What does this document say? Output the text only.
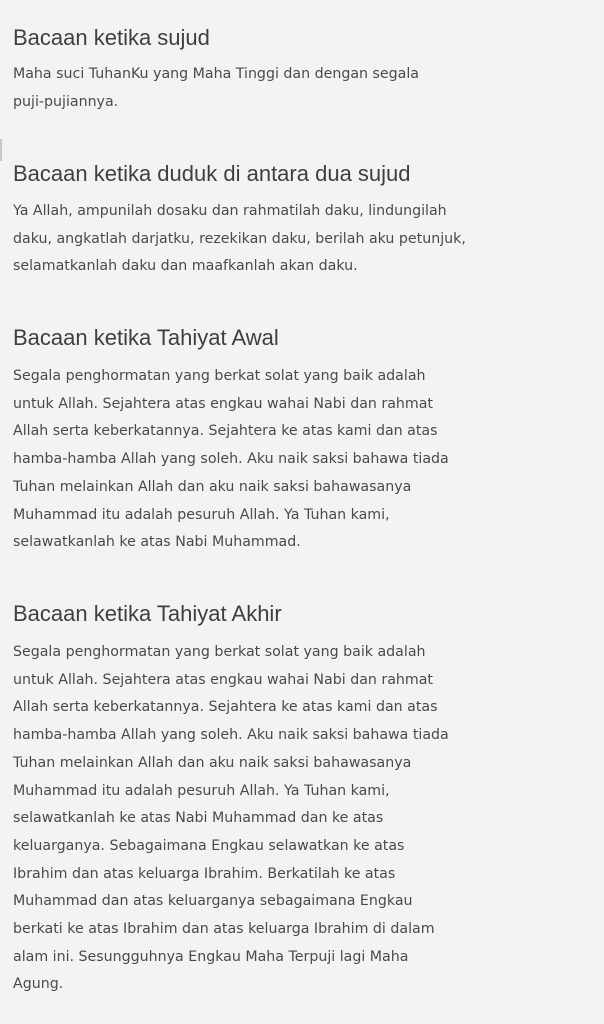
Bacaan ketika sujud

Maha suci TuhanKu yang Maha Tinggi dan dengan segala
puji-pujiannya.

Bacaan ketika duduk di antara dua sujud

Ya Allah, ampunilah dosaku dan rahmatilah daku, lindungilah
daku, angkatlah darjatku, rezekikan daku, berilah aku petunjuk,
selamatkanlah daku dan maafkanlah akan daku.

Bacaan ketika Tahiyat Awal

Segala penghormatan yang berkat solat yang baik adalah
untuk Allah. Sejahtera atas engkau wahai Nabi dan rahmat
Allah serta keberkatannya. Sejahtera ke atas kami dan atas
hamba-hamba Allah yang soleh. Aku naik saksi bahawa tiada
Tuhan melainkan Allah dan aku naik saksi bahawasanya
Muhammad itu adalah pesuruh Allah. Ya Tuhan kami,
selawatkanlah ke atas Nabi Muhammad.

Bacaan ketika Tahiyat Akhir

Segala penghormatan yang berkat solat yang baik adalah
untuk Allah. Sejahtera atas engkau wahai Nabi dan rahmat
Allah serta keberkatannya. Sejahtera ke atas kami dan atas
hamba-hamba Allah yang soleh. Aku naik saksi bahawa tiada
Tuhan melainkan Allah dan aku naik saksi bahawasanya
Muhammad itu adalah pesuruh Allah. Ya Tuhan kami,
selawatkanlah ke atas Nabi Muhammad dan ke atas
keluarganya. Sebagaimana Engkau selawatkan ke atas
Ibrahim dan atas keluarga Ibrahim. Berkatilah ke atas
Muhammad dan atas keluarganya sebagaimana Engkau
berkati ke atas Ibrahim dan atas keluarga Ibrahim di dalam
alam ini. Sesungguhnya Engkau Maha Terpuji lagi Maha
Agung.
